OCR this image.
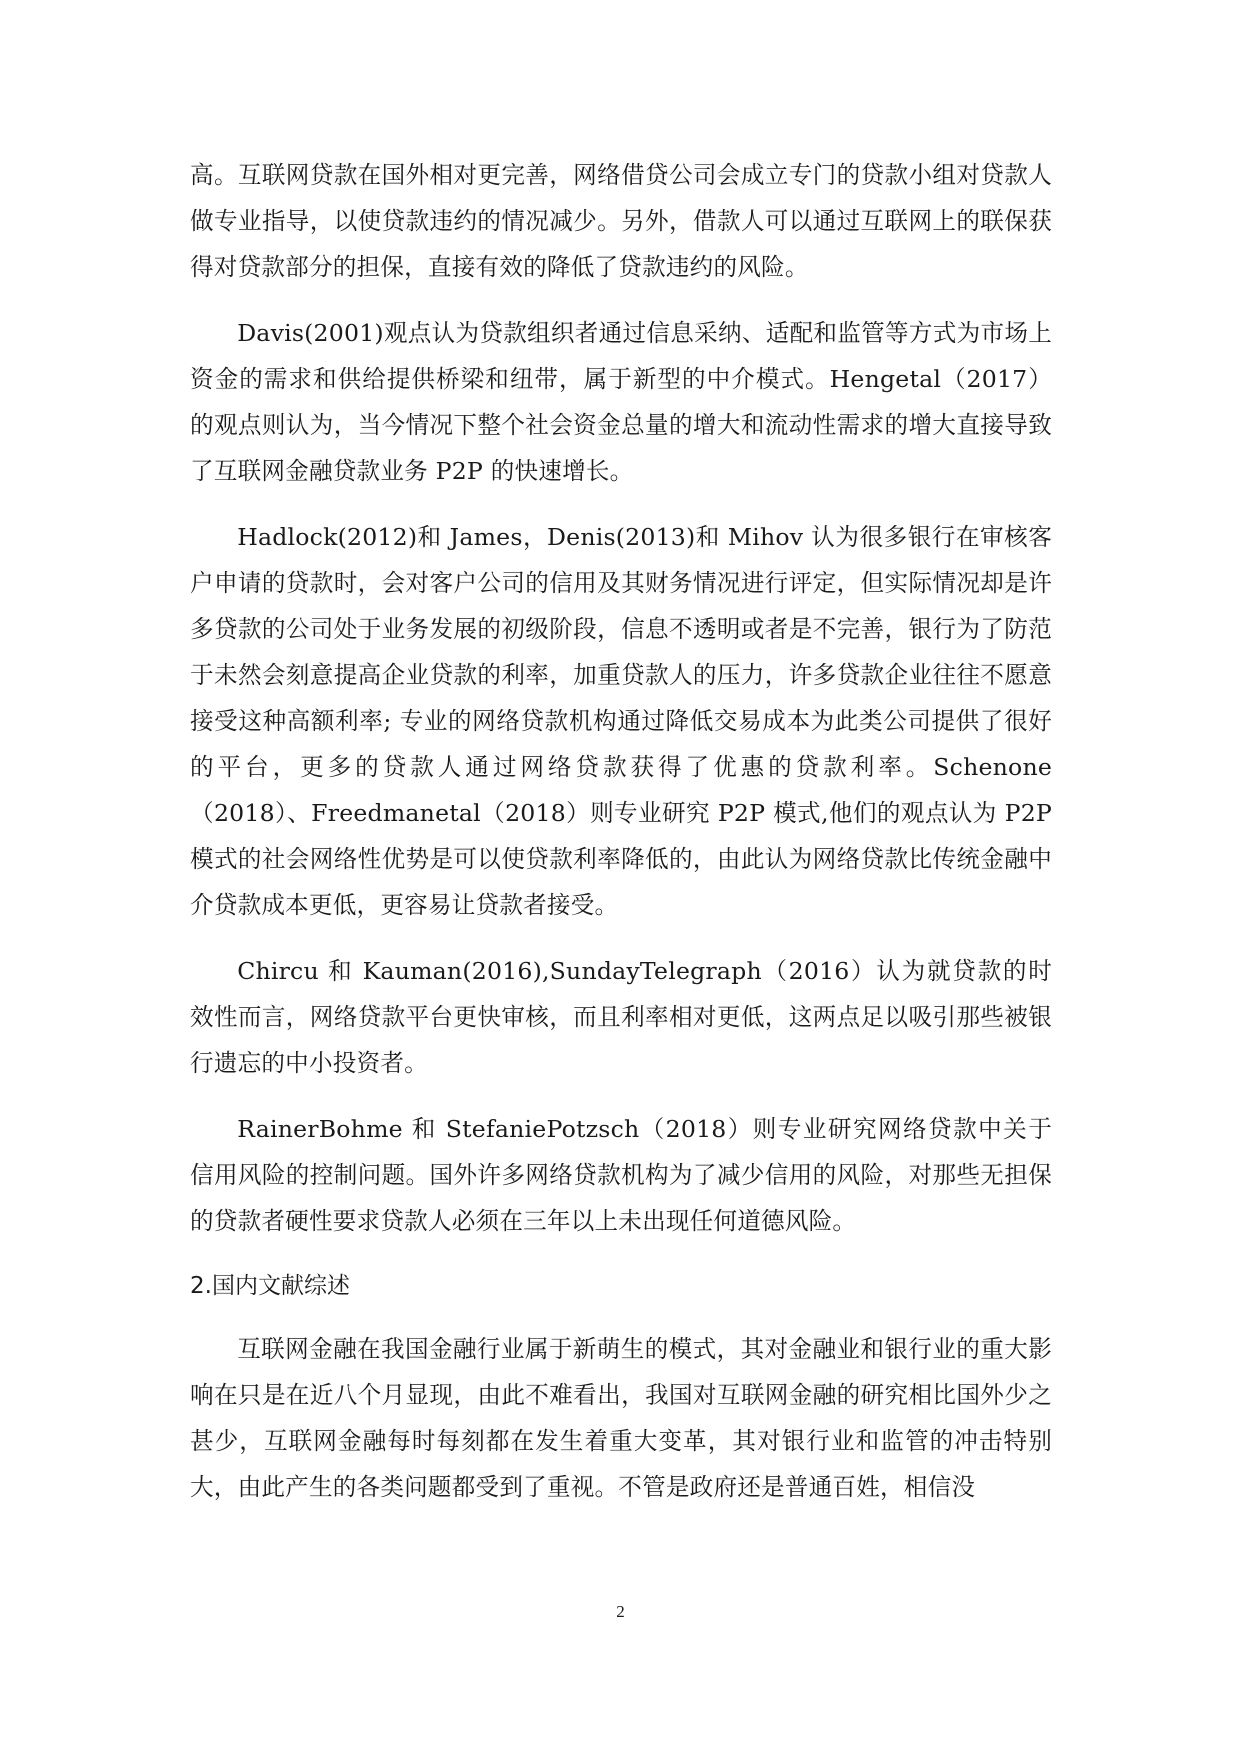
高。互联网贷款在国外相对更完善，网络借贷公司会成立专门的贷款小组对贷款人做专业指导，以使贷款违约的情况减少。另外，借款人可以通过互联网上的联保获得对贷款部分的担保，直接有效的降低了贷款违约的风险。

Davis(2001)观点认为贷款组织者通过信息采纳、适配和监管等方式为市场上资金的需求和供给提供桥梁和纽带，属于新型的中介模式。Hengetal（2017）的观点则认为，当今情况下整个社会资金总量的增大和流动性需求的增大直接导致了互联网金融贷款业务 P2P 的快速增长。

Hadlock(2012)和 James，Denis(2013)和 Mihov 认为很多银行在审核客户申请的贷款时，会对客户公司的信用及其财务情况进行评定，但实际情况却是许多贷款的公司处于业务发展的初级阶段，信息不透明或者是不完善，银行为了防范于未然会刻意提高企业贷款的利率，加重贷款人的压力，许多贷款企业往往不愿意接受这种高额利率; 专业的网络贷款机构通过降低交易成本为此类公司提供了很好的平台，更多的贷款人通过网络贷款获得了优惠的贷款利率。Schenone（2018）、Freedmanetal（2018）则专业研究 P2P 模式,他们的观点认为 P2P 模式的社会网络性优势是可以使贷款利率降低的，由此认为网络贷款比传统金融中介贷款成本更低，更容易让贷款者接受。

Chircu 和 Kauman(2016),SundayTelegraph（2016）认为就贷款的时效性而言，网络贷款平台更快审核，而且利率相对更低，这两点足以吸引那些被银行遗忘的中小投资者。

RainerBohme 和 StefaniePotzsch（2018）则专业研究网络贷款中关于信用风险的控制问题。国外许多网络贷款机构为了减少信用的风险，对那些无担保的贷款者硬性要求贷款人必须在三年以上未出现任何道德风险。

2.国内文献综述

互联网金融在我国金融行业属于新萌生的模式，其对金融业和银行业的重大影响在只是在近八个月显现，由此不难看出，我国对互联网金融的研究相比国外少之甚少，互联网金融每时每刻都在发生着重大变革，其对银行业和监管的冲击特别大，由此产生的各类问题都受到了重视。不管是政府还是普通百姓，相信没

2
